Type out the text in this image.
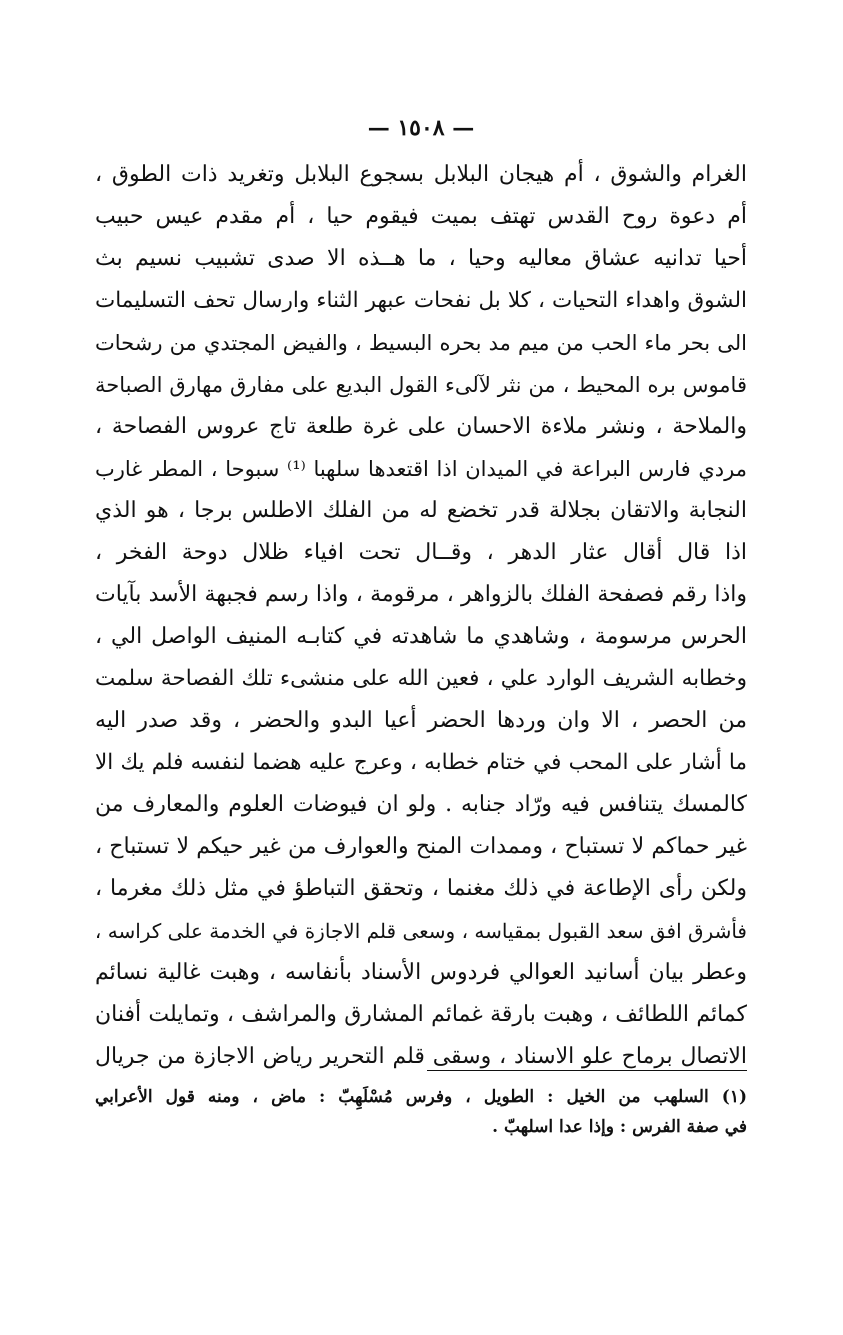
— ١٥٠٨ —
الغرام والشوق ، أم هيجان البلابل بسجوع البلابل وتغريد ذات الطوق ،
أم دعوة روح القدس تهتف بميت فيقوم حيا ، أم مقدم عيس حبيب
أحيا تدانيه عشاق معاليه وحيا ، ما هــذه الا صدى تشبيب نسيم بث
الشوق واهداء التحيات ، كلا بل نفحات عبهر الثناء وارسال تحف التسليمات
الى بحر ماء الحب من ميم مد بحره البسيط ، والفيض المجتدي من رشحات
قاموس بره المحيط ، من نثر لآلىء القول البديع على مفارق مهارق الصباحة
والملاحة ، ونشر ملاءة الاحسان على غرة طلعة تاج عروس الفصاحة ،
مردي فارس البراعة في الميدان اذا اقتعدها سلهبا ⁽¹⁾ سبوحا ، المطر غارب
النجابة والاتقان بجلالة قدر تخضع له من الفلك الاطلس برجا ، هو الذي
اذا قال أقال عثار الدهر ، وقــال تحت افياء ظلال دوحة الفخر ،
واذا رقم فصفحة الفلك بالزواهر ، مرقومة ، واذا رسم فجبهة الأسد بآيات
الحرس مرسومة ، وشاهدي ما شاهدته في كتابـه المنيف الواصل الي ،
وخطابه الشريف الوارد علي ، فعين الله على منشىء تلك الفصاحة سلمت
من الحصر ، الا وان وردها الحضر أعيا البدو والحضر ، وقد صدر اليه
ما أشار على المحب في ختام خطابه ، وعرج عليه هضما لنفسه فلم يك الا
كالمسك يتنافس فيه ورّاد جنابه . ولو ان فيوضات العلوم والمعارف من
غير حماكم لا تستباح ، وممدات المنح والعوارف من غير حيكم لا تستباح ،
ولكن رأى الإطاعة في ذلك مغنما ، وتحقق التباطؤ في مثل ذلك مغرما ،
فأشرق افق سعد القبول بمقياسه ، وسعى قلم الاجازة في الخدمة على كراسه ،
وعطر بيان أسانيد العوالي فردوس الأسناد بأنفاسه ، وهبت غالية نسائم
كمائم اللطائف ، وهبت بارقة غمائم المشارق والمراشف ، وتمايلت أفنان
الاتصال برماح علو الاسناد ، وسقى قلم التحرير رياض الاجازة من جريال
(١) السلهب من الخيل : الطويل ، وفرس مُسْلَهِبّ : ماض ، ومنه قول الأعرابي
في صفة الفرس : وإذا عدا اسلهبّ .
